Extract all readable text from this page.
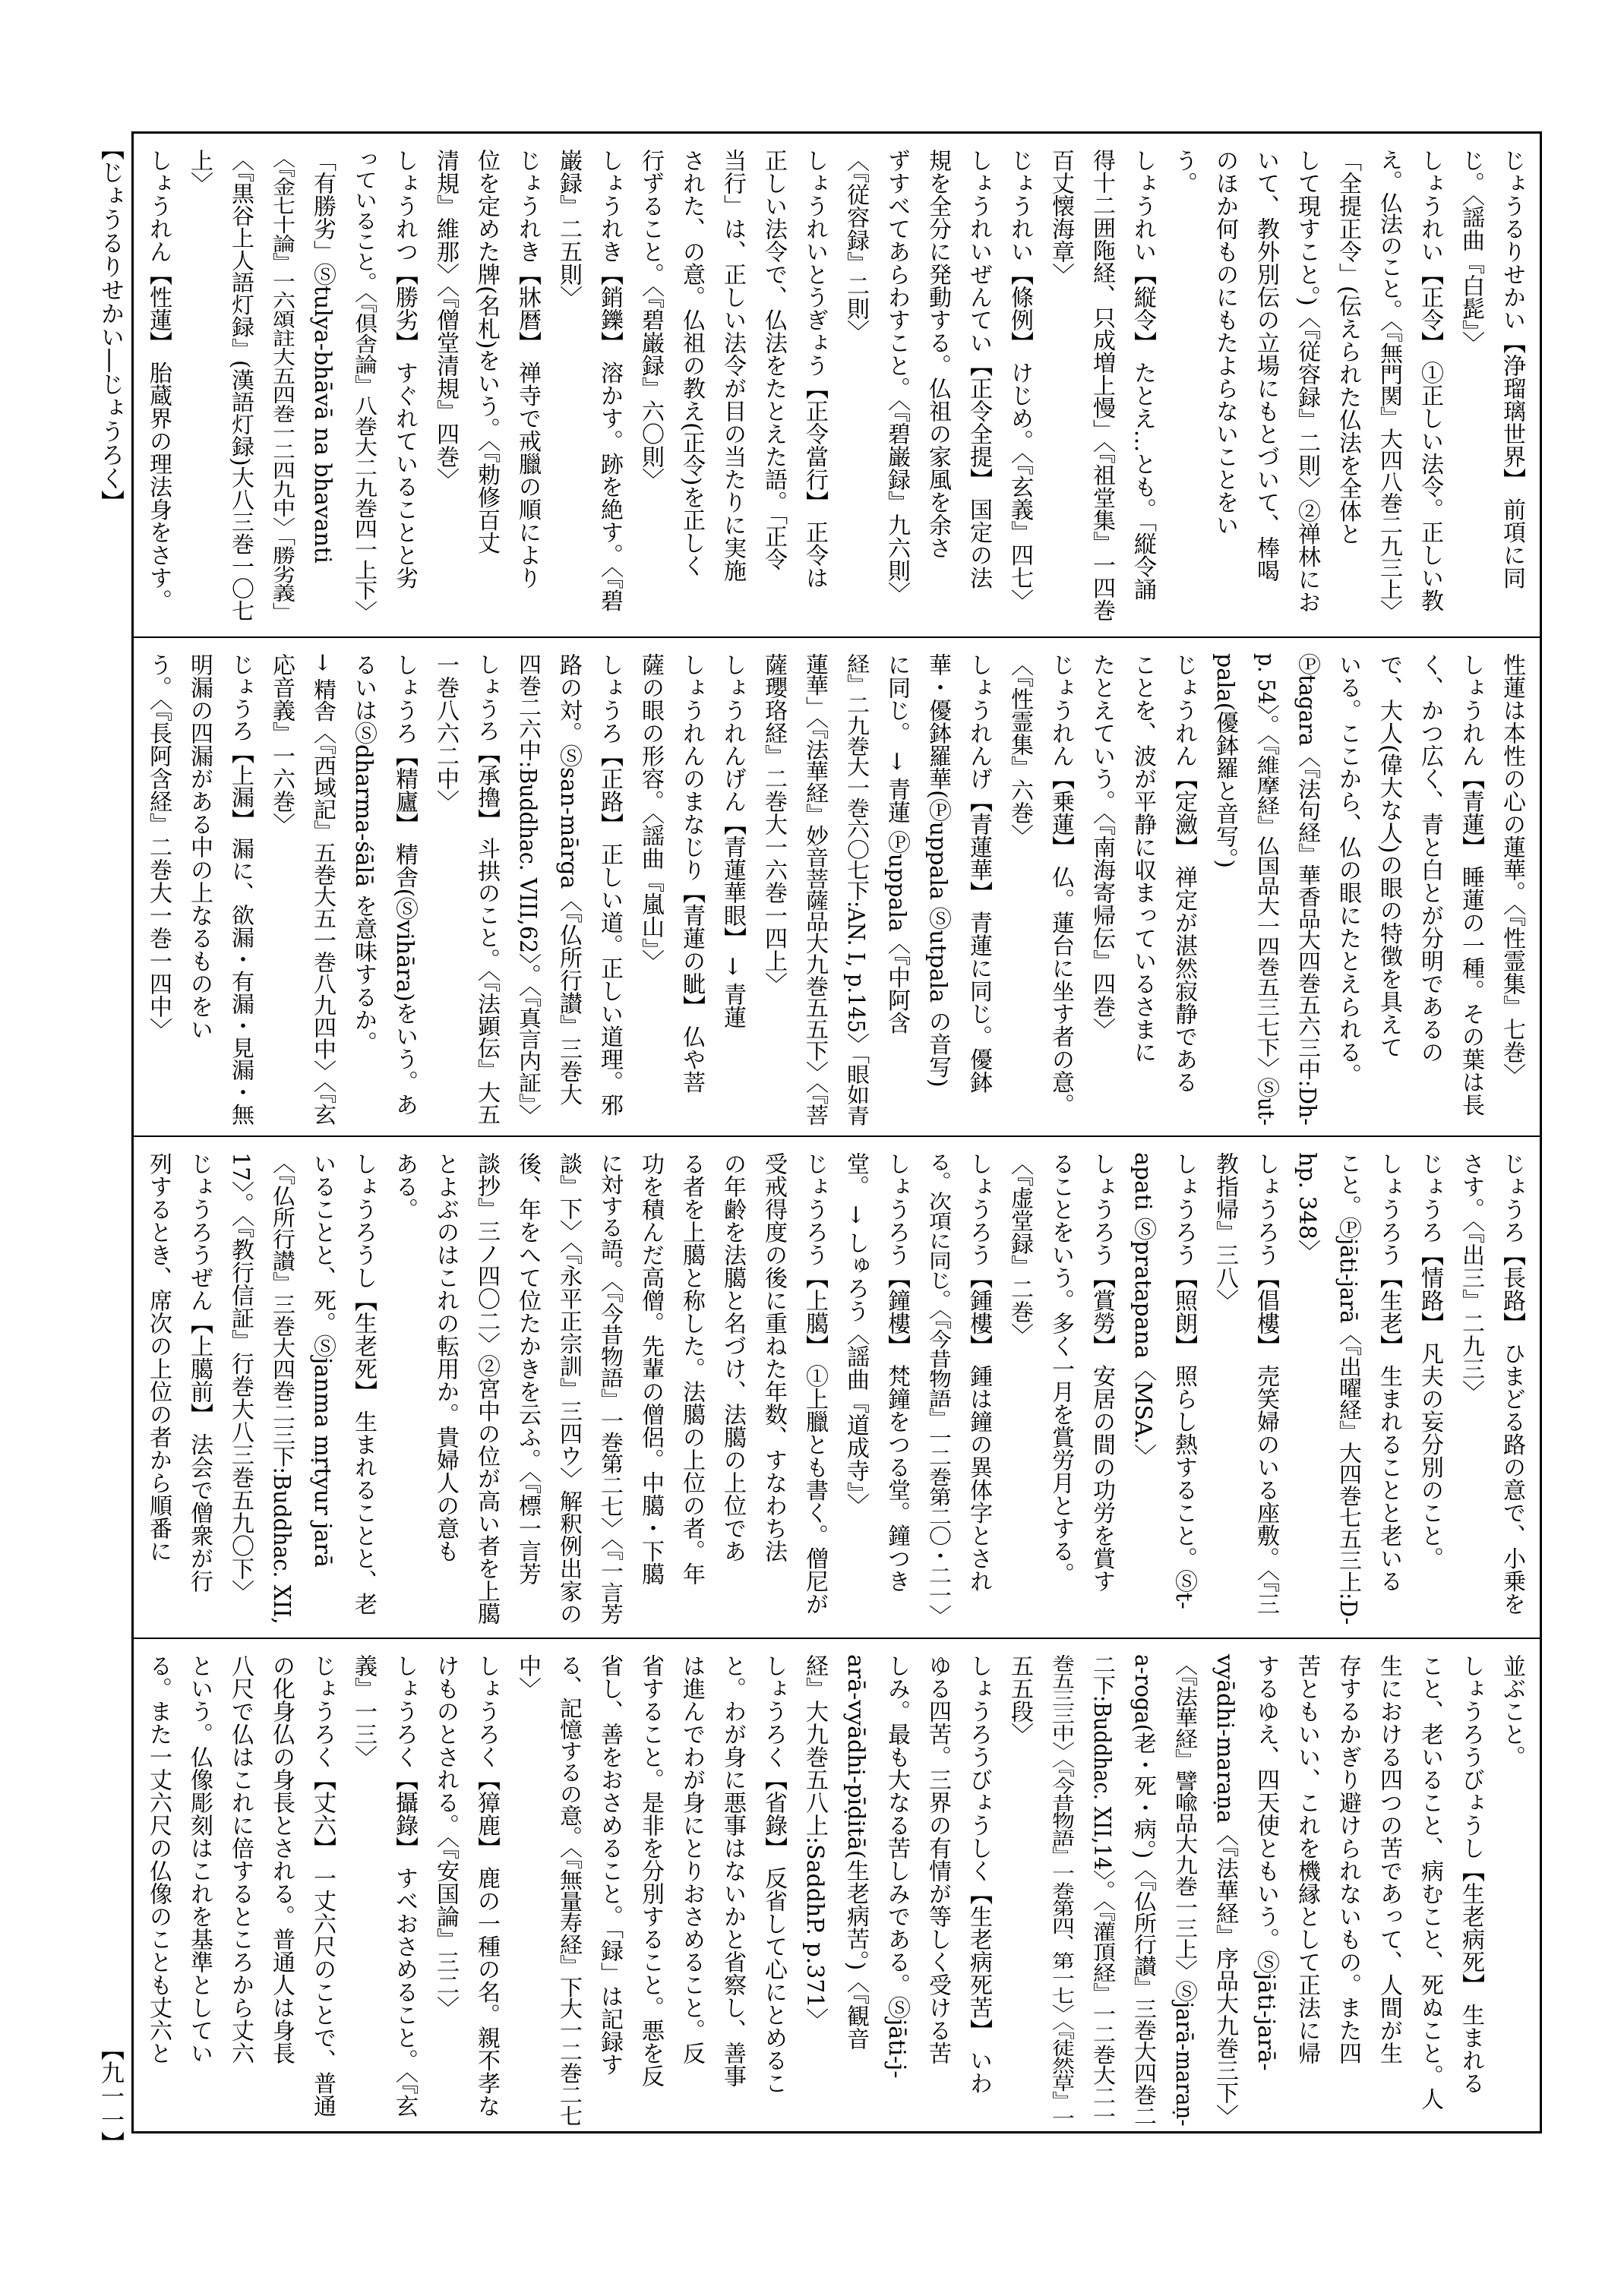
【じょうるりせかい―じょうろく】
【九一一】
じょうるりせかい【浄瑠璃世界】 前項に同
じ。〈謡曲『白髭』〉
しょうれい【正令】 ①正しい法令。正しい教
え。仏法のこと。〈『無門関』大四八巻二九三上〉
「全提正令」(伝えられた仏法を全体と
して現すこと。)〈『従容録』二則〉②禅林にお
いて、教外別伝の立場にもとづいて、棒喝
のほか何ものにもたよらないことをい
う。
しょうれい【縦令】 たとえ…とも。「縦令誦
得十二囲陁経、只成増上慢」〈『祖堂集』一四巻
百丈懐海章〉
じょうれい【條例】 けじめ。〈『玄義』四七〉
しょうれいぜんてい【正令全提】 国定の法
規を全分に発動する。仏祖の家風を余さ
ずすべてあらわすこと。〈『碧巌録』九六則〉
〈『従容録』二則〉
しょうれいとうぎょう【正令當行】 正令は
正しい法令で、仏法をたとえた語。「正令
当行」は、正しい法令が目の当たりに実施
された、の意。仏祖の教え(正令)を正しく
行ずること。〈『碧巌録』六〇則〉
しょうれき【銷鑠】 溶かす。跡を絶す。〈『碧
巌録』二五則〉
じょうれき【牀暦】 禅寺で戒臘の順により
位を定めた牌(名札)をいう。〈『勅修百丈
清規』維那〉〈『僧堂清規』四巻〉
しょうれつ【勝劣】 すぐれていることと劣
っていること。〈『倶舎論』八巻大二九巻四一上下〉
「有勝劣」Ⓢtulya-bhāvā na bhavanti
〈『金七十論』一六頌註大五四巻一二四九中〉「勝劣義」
〈『黒谷上人語灯録』(漢語灯録)大八三巻一〇七
上〉
しょうれん【性蓮】 胎蔵界の理法身をさす。
性蓮は本性の心の蓮華。〈『性霊集』七巻〉
しょうれん【青蓮】 睡蓮の一種。その葉は長
く、かつ広く、青と白とが分明であるの
で、大人(偉大な人)の眼の特徴を具えて
いる。ここから、仏の眼にたとえられる。
Ⓟtagara〈『法句経』華香品大四巻五六三中:Dh-
p. 54〉。〈『維摩経』仏国品大一四巻五三七下〉Ⓢut-
pala(優鉢羅と音写。)
じょうれん【定瀲】 禅定が湛然寂静である
ことを、波が平静に収まっているさまに
たとえていう。〈『南海寄帰伝』四巻〉
じょうれん【乗蓮】 仏。蓮台に坐す者の意。
〈『性霊集』六巻〉
しょうれんげ【青蓮華】 青蓮に同じ。優鉢
華・優鉢羅華(Ⓟuppala Ⓢutpala の音写)
に同じ。 → 青蓮 Ⓟuppala〈『中阿含
経』二九巻大一巻六〇七下:AN. I, p.145〉「眼如青
蓮華」〈『法華経』妙音菩薩品大九巻五五下〉〈『菩
薩瓔珞経』二巻大一六巻一四上〉
しょうれんげん【青蓮華眼】 → 青蓮
しょうれんのまなじり【青蓮の眦】 仏や菩
薩の眼の形容。〈謡曲『嵐山』〉
しょうろ【正路】 正しい道。正しい道理。邪
路の対。Ⓢsan-mārga〈『仏所行讃』三巻大
四巻二六中:Buddhac. VIII,62〉。〈『真言内証』〉
しょうろ【承擼】 斗拱のこと。〈『法顕伝』大五
一巻八六二中〉
しょうろ【精廬】 精舎(Ⓢvihāra)をいう。あ
るいはⓈdharma-śālā を意味するか。
→ 精舎〈『西域記』五巻大五一巻八九四中〉〈『玄
応音義』一六巻〉
じょうろ【上漏】 漏に、欲漏・有漏・見漏・無
明漏の四漏がある中の上なるものをい
う。〈『長阿含経』二巻大一巻一四中〉
じょうろ【長路】 ひまどる路の意で、小乗を
さす。〈『出三』二九三〉
じょうろ【情路】 凡夫の妄分別のこと。
しょうろう【生老】 生まれることと老いる
こと。Ⓟjāti-jarā〈『出曜経』大四巻七五三上:D-
hp. 348〉
しょうろう【倡樓】 売笑婦のいる座敷。〈『三
教指帰』三八〉
しょうろう【照朗】 照らし熱すること。Ⓢt-
apati Ⓢpratapana〈MSA.〉
しょうろう【賞勞】 安居の間の功労を賞す
ることをいう。多く一月を賞労月とする。
〈『虚堂録』二巻〉
しょうろう【鍾樓】 鍾は鐘の異体字とされ
る。次項に同じ。〈『今昔物語』一二巻第二〇・二一〉
しょうろう【鐘樓】 梵鐘をつる堂。鐘つき
堂。 → しゅろう〈謡曲『道成寺』〉
じょうろう【上臈】 ①上臘とも書く。僧尼が
受戒得度の後に重ねた年数、すなわち法
の年齢を法臈と名づけ、法臈の上位であ
る者を上臈と称した。法臈の上位の者。年
功を積んだ高僧。先輩の僧侶。中臈・下臈
に対する語。〈『今昔物語』一巻第二七〉〈『一言芳
談』下〉〈『永平正宗訓』三四ウ〉解釈例出家の
後、年をへて位たかきを云ふ。〈『標一言芳
談抄』三ノ四〇二〉②宮中の位が高い者を上臈
とよぶのはこれの転用か。貴婦人の意も
ある。
しょうろうし【生老死】 生まれることと、老
いることと、死。Ⓢjanma mṛtyur jarā
〈『仏所行讃』三巻大四巻二三下:Buddhac. XII,
17〉。〈『教行信証』行巻大八三巻五九〇下〉
じょうろうぜん【上臈前】 法会で僧衆が行
列するとき、席次の上位の者から順番に
並ぶこと。
しょうろうびょうし【生老病死】 生まれる
こと、老いること、病むこと、死ぬこと。人
生における四つの苦であって、人間が生
存するかぎり避けられないもの。また四
苦ともいい、これを機縁として正法に帰
するゆえ、四天使ともいう。Ⓢjāti-jarā-
vyādhi-maraṇa〈『法華経』序品大九巻三下〉
〈『法華経』譬喩品大九巻一三上〉Ⓢjarā-maraṇ-
a-roga(老・死・病。)〈『仏所行讃』三巻大四巻二
二下:Buddhac. XII,14〉。〈『灌頂経』一二巻大二一
巻五三三中〉〈『今昔物語』一巻第四、第一七〉〈『徒然草』一
五五段〉
しょうろうびょうしく【生老病死苦】 いわ
ゆる四苦。三界の有情が等しく受ける苦
しみ。最も大なる苦しみである。Ⓢjāti-j-
arā-vyādhi-pīḍitā(生老病苦。)〈『観音
経』大九巻五八上:SaddhP. p.371〉
しょうろく【省錄】 反省して心にとめるこ
と。わが身に悪事はないかと省察し、善事
は進んでわが身にとりおさめること。反
省すること。是非を分別すること。悪を反
省し、善をおさめること。「録」は記録す
る、記憶するの意。〈『無量寿経』下大一二巻二七
中〉
しょうろく【獐鹿】 鹿の一種の名。親不孝な
けものとされる。〈『安国論』三二〉
しょうろく【攝錄】 すべおさめること。〈『玄
義』一三〉
じょうろく【丈六】 一丈六尺のことで、普通
の化身仏の身長とされる。普通人は身長
八尺で仏はこれに倍するところから丈六
という。仏像彫刻はこれを基準としてい
る。また一丈六尺の仏像のことも丈六と
